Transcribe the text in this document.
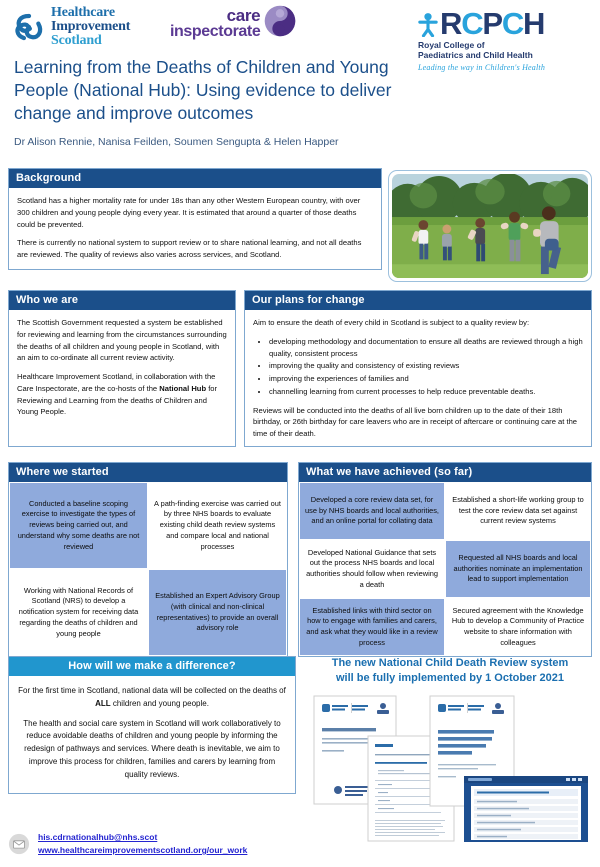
Healthcare
Improvement
Scotland
care
inspectorate	RCPCH
Royal College of
Paediatrics and Child Health
Leading the way in Children's Health
Learning from the Deaths of Children and Young People (National Hub): Using evidence to deliver change and improve outcomes
Dr Alison Rennie, Nanisa Feilden, Soumen Sengupta & Helen Happer
Background

Scotland has a higher mortality rate for under 18s than any other Western European country, with over 300 children and young people dying every year. It is estimated that around a quarter of those deaths could be prevented.

There is currently no national system to support review or to share national learning, and not all deaths are reviewed. The quality of reviews also varies across services, and Scotland.

Who we are

The Scottish Government requested a system be established for reviewing and learning from the circumstances surrounding the deaths of all children and young people in Scotland, with an aim to co-ordinate all current review activity.

Healthcare Improvement Scotland, in collaboration with the Care Inspectorate, are the co-hosts of the National Hub for Reviewing and Learning from the deaths of Children and Young People.

Our plans for change

Aim to ensure the death of every child in Scotland is subject to a quality review by:

• developing methodology and documentation to ensure all deaths are reviewed through a high quality, consistent process
• improving the quality and consistency of existing reviews
• improving the experiences of families and
• channelling learning from current processes to help reduce preventable deaths.

Reviews will be conducted into the deaths of all live born children up to the date of their 18th birthday, or 26th birthday for care leavers who are in receipt of aftercare or continuing care at the time of their death.

Where we started
Conducted a baseline scoping exercise to investigate the types of reviews being carried out, and understand why some deaths are not reviewed
A path-finding exercise was carried out by three NHS boards to evaluate existing child death review systems and compare local and national processes
Working with National Records of Scotland (NRS) to develop a notification system for receiving data regarding the deaths of children and young people
Established an Expert Advisory Group (with clinical and non-clinical representatives) to provide an overall advisory role
What we have achieved (so far)
Developed a core review data set, for use by NHS boards and local authorities, and an online portal for collating data
Established a short-life working group to test the core review data set against current review systems
Developed National Guidance that sets out the process NHS boards and local authorities should follow when reviewing a death
Requested all NHS boards and local authorities nominate an implementation lead to support implementation
Established links with third sector on how to engage with families and carers, and ask what they would like in a review process
Secured agreement with the Knowledge Hub to develop a Community of Practice website to share information with colleagues
How will we make a difference?

For the first time in Scotland, national data will be collected on the deaths of ALL children and young people.

The health and social care system in Scotland will work collaboratively to reduce avoidable deaths of children and young people by informing the redesign of pathways and services. Where death is inevitable, we aim to improve this process for children, families and carers by learning from quality reviews.

The new National Child Death Review system
will be fully implemented by 1 October 2021
his.cdrnationalhub@nhs.scot
www.healthcareimprovementscotland.org/our_work
